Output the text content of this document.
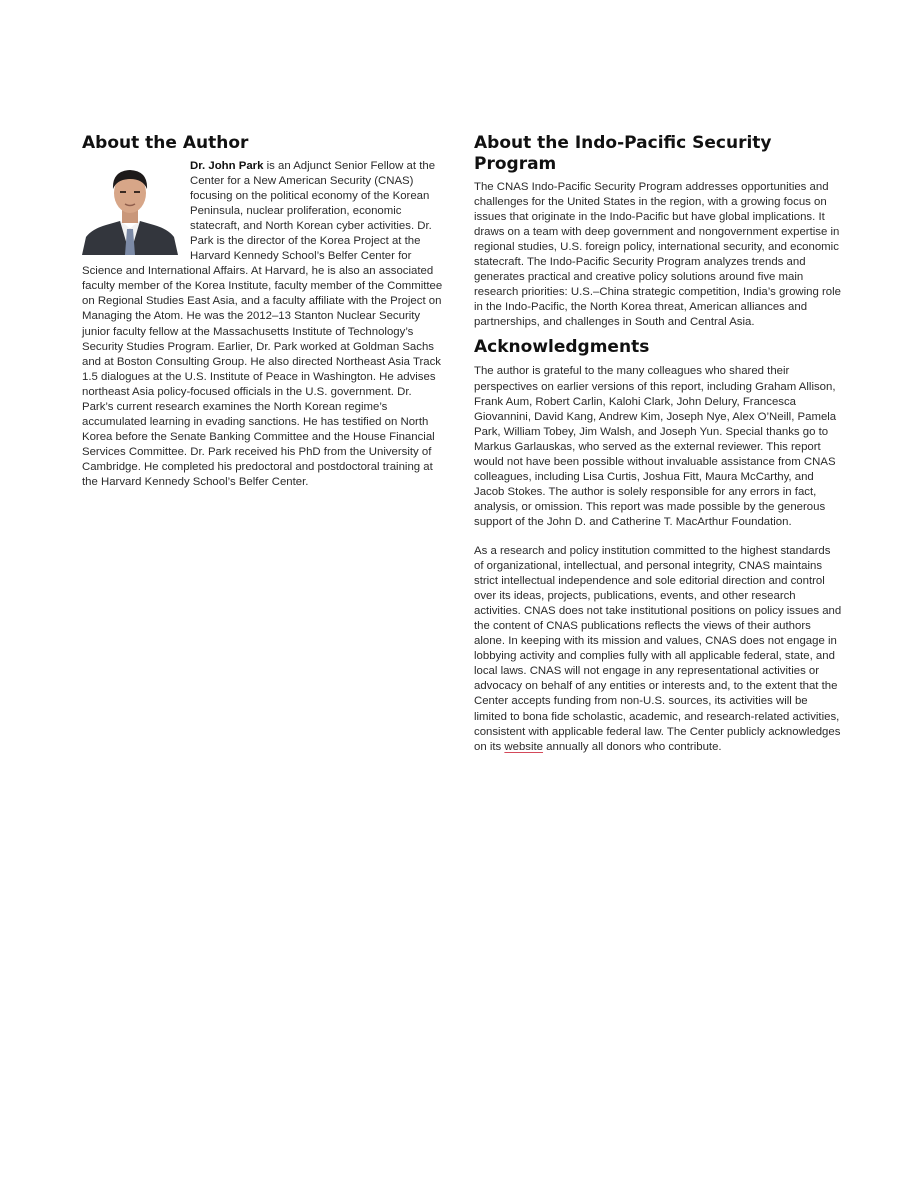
About the Author

Dr. John Park is an Adjunct Senior Fellow at the Center for a New American Security (CNAS) focusing on the political economy of the Korean Peninsula, nuclear proliferation, economic statecraft, and North Korean cyber activities. Dr. Park is the director of the Korea Project at the Harvard Kennedy School’s Belfer Center for Science and International Affairs. At Harvard, he is also an associated faculty member of the Korea Institute, faculty member of the Committee on Regional Studies East Asia, and a faculty affiliate with the Project on Managing the Atom. He was the 2012–13 Stanton Nuclear Security junior faculty fellow at the Massachusetts Institute of Technology’s Security Studies Program. Earlier, Dr. Park worked at Goldman Sachs and at Boston Consulting Group. He also directed Northeast Asia Track 1.5 dialogues at the U.S. Institute of Peace in Washington. He advises northeast Asia policy-focused officials in the U.S. government. Dr. Park’s current research examines the North Korean regime’s accumulated learning in evading sanctions. He has testified on North Korea before the Senate Banking Committee and the House Financial Services Committee. Dr. Park received his PhD from the University of Cambridge. He completed his predoctoral and postdoctoral training at the Harvard Kennedy School’s Belfer Center.

About the Indo-Pacific Security Program

The CNAS Indo-Pacific Security Program addresses opportunities and challenges for the United States in the region, with a growing focus on issues that originate in the Indo-Pacific but have global implications. It draws on a team with deep government and nongovernment expertise in regional studies, U.S. foreign policy, international security, and economic statecraft. The Indo-Pacific Security Program analyzes trends and generates practical and creative policy solutions around five main research priorities: U.S.–China strategic competition, India’s growing role in the Indo-Pacific, the North Korea threat, American alliances and partnerships, and challenges in South and Central Asia.

Acknowledgments

The author is grateful to the many colleagues who shared their perspectives on earlier versions of this report, including Graham Allison, Frank Aum, Robert Carlin, Kalohi Clark, John Delury, Francesca Giovannini, David Kang, Andrew Kim, Joseph Nye, Alex O’Neill, Pamela Park, William Tobey, Jim Walsh, and Joseph Yun. Special thanks go to Markus Garlauskas, who served as the external reviewer. This report would not have been possible without invaluable assistance from CNAS colleagues, including Lisa Curtis, Joshua Fitt, Maura McCarthy, and Jacob Stokes. The author is solely responsible for any errors in fact, analysis, or omission. This report was made possible by the generous support of the John D. and Catherine T. MacArthur Foundation.

As a research and policy institution committed to the highest standards of organizational, intellectual, and personal integrity, CNAS maintains strict intellectual independence and sole editorial direction and control over its ideas, projects, publications, events, and other research activities. CNAS does not take institutional positions on policy issues and the content of CNAS publications reflects the views of their authors alone. In keeping with its mission and values, CNAS does not engage in lobbying activity and complies fully with all applicable federal, state, and local laws. CNAS will not engage in any representational activities or advocacy on behalf of any entities or interests and, to the extent that the Center accepts funding from non-U.S. sources, its activities will be limited to bona fide scholastic, academic, and research-related activities, consistent with applicable federal law. The Center publicly acknowledges on its website annually all donors who contribute.
